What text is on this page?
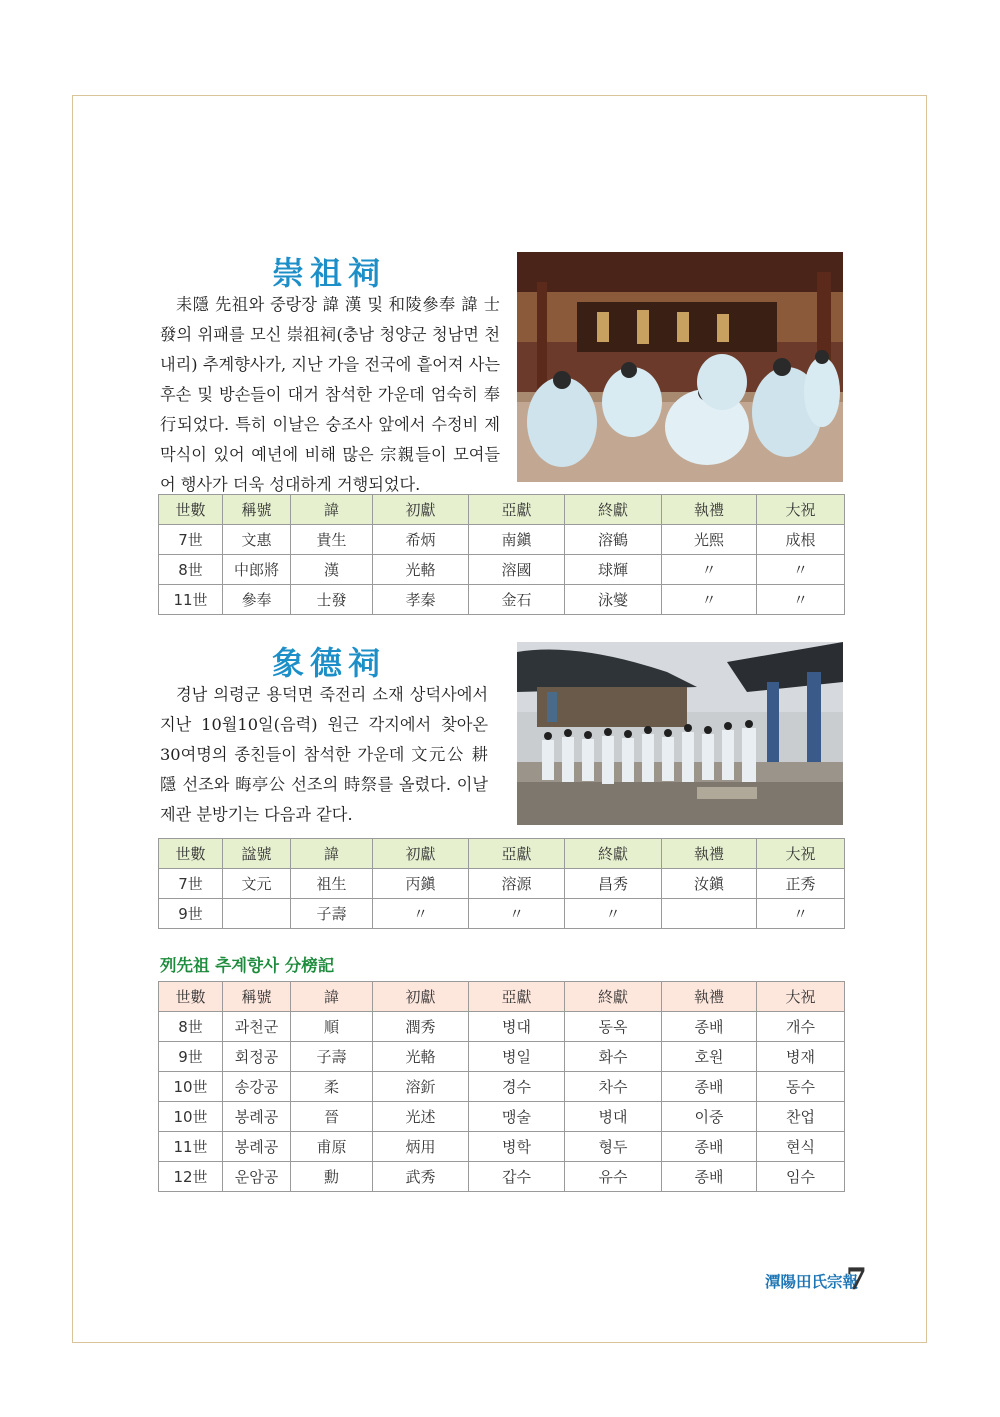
崇祖祠
耒隱 先祖와 중랑장 諱 漢 및 和陵參奉 諱 士發의 위패를 모신 崇祖祠(충남 청양군 청남면 천내리) 추계향사가, 지난 가을 전국에 흩어져 사는 후손 및 방손들이 대거 참석한 가운데 엄숙히 奉行되었다. 특히 이날은 숭조사 앞에서 수정비 제막식이 있어 예년에 비해 많은 宗親들이 모여들어 행사가 더욱 성대하게 거행되었다.
世數	稱號	諱	初獻	亞獻	終獻	執禮	大祝
7世	文惠	貴生	希炳	南鎭	溶鶴	光熙	成根
8世	中郎將	漢	光輅	溶國	球輝	〃	〃
11世	參奉	士發	孝秦	金石	泳燮	〃	〃
象德祠
경남 의령군 용덕면 죽전리 소재 상덕사에서 지난 10월10일(음력) 원근 각지에서 찾아온 30여명의 종친들이 참석한 가운데 文元公 耕隱 선조와 晦亭公 선조의 時祭를 올렸다. 이날 제관 분방기는 다음과 같다.
世數	諡號	諱	初獻	亞獻	終獻	執禮	大祝
7世	文元	祖生	丙鎭	溶源	昌秀	汝鎭	正秀
9世		子壽	〃	〃	〃		〃
列先祖 추계향사 分榜記
世數	稱號	諱	初獻	亞獻	終獻	執禮	大祝
8世	과천군	順	潤秀	병대	동옥	종배	개수
9世	회정공	子壽	光輅	병일	화수	호원	병재
10世	송강공	柔	溶釿	경수	차수	종배	동수
10世	봉례공	晉	光述	맹술	병대	이중	찬업
11世	봉례공	甫原	炳用	병학	형두	종배	현식
12世	운암공	勳	武秀	갑수	유수	종배	임수
潭陽田氏宗報
7
